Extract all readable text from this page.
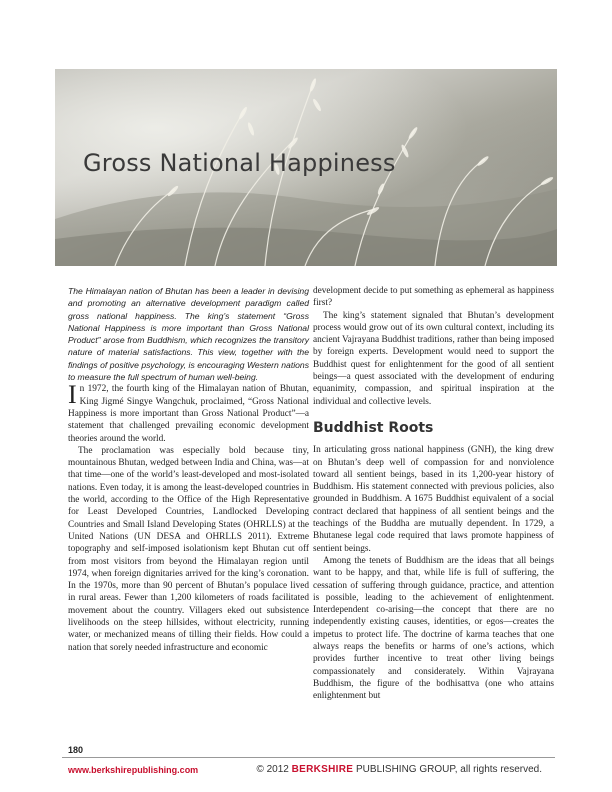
Gross National Happiness

The Himalayan nation of Bhutan has been a leader in devising and promoting an alternative development paradigm called gross national happiness. The king’s statement “Gross National Happiness is more important than Gross National Product” arose from Buddhism, which recognizes the transitory nature of material satisfactions. This view, together with the findings of positive psychology, is encouraging Western nations to measure the full spectrum of human well-being.

In 1972, the fourth king of the Himalayan nation of Bhutan, King Jigmé Singye Wangchuk, proclaimed, “Gross National Happiness is more important than Gross National Product”—a statement that challenged prevailing economic development theories around the world.

The proclamation was especially bold because tiny, mountainous Bhutan, wedged between India and China, was—at that time—one of the world’s least-developed and most-isolated nations. Even today, it is among the least-developed countries in the world, according to the Office of the High Representative for Least Developed Countries, Landlocked Developing Countries and Small Island Developing States (OHRLLS) at the United Nations (UN DESA and OHRLLS 2011). Extreme topography and self-imposed isolationism kept Bhutan cut off from most visitors from beyond the Himalayan region until 1974, when foreign dignitaries arrived for the king’s coronation. In the 1970s, more than 90 percent of Bhutan’s populace lived in rural areas. Fewer than 1,200 kilometers of roads facilitated movement about the country. Villagers eked out subsistence livelihoods on the steep hillsides, without electricity, running water, or mechanized means of tilling their fields. How could a nation that sorely needed infrastructure and economic

development decide to put something as ephemeral as happiness first?

The king’s statement signaled that Bhutan’s development process would grow out of its own cultural context, including its ancient Vajrayana Buddhist traditions, rather than being imposed by foreign experts. Development would need to support the Buddhist quest for enlightenment for the good of all sentient beings—a quest associated with the development of enduring equanimity, compassion, and spiritual inspiration at the individual and collective levels.

Buddhist Roots

In articulating gross national happiness (GNH), the king drew on Bhutan’s deep well of compassion for and nonviolence toward all sentient beings, based in its 1,200-year history of Buddhism. His statement connected with previous policies, also grounded in Buddhism. A 1675 Buddhist equivalent of a social contract declared that happiness of all sentient beings and the teachings of the Buddha are mutually dependent. In 1729, a Bhutanese legal code required that laws promote happiness of sentient beings.

Among the tenets of Buddhism are the ideas that all beings want to be happy, and that, while life is full of suffering, the cessation of suffering through guidance, practice, and attention is possible, leading to the achievement of enlightenment. Interdependent co-arising—the concept that there are no independently existing causes, identities, or egos—creates the impetus to protect life. The doctrine of karma teaches that one always reaps the benefits or harms of one’s actions, which provides further incentive to treat other living beings compassionately and considerately. Within Vajrayana Buddhism, the figure of the bodhisattva (one who attains enlightenment but

180
www.berkshirepublishing.com	© 2012 BERKSHIRE PUBLISHING GROUP, all rights reserved.
